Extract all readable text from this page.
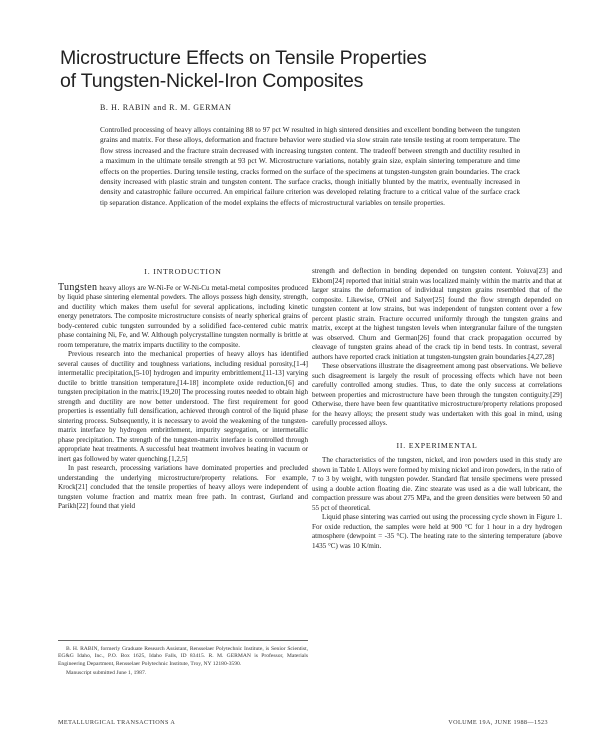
Microstructure Effects on Tensile Properties
of Tungsten-Nickel-Iron Composites
B. H. RABIN and R. M. GERMAN
Controlled processing of heavy alloys containing 88 to 97 pct W resulted in high sintered densities and excellent bonding between the tungsten grains and matrix. For these alloys, deformation and fracture behavior were studied via slow strain rate tensile testing at room temperature. The flow stress increased and the fracture strain decreased with increasing tungsten content. The tradeoff between strength and ductility resulted in a maximum in the ultimate tensile strength at 93 pct W. Microstructure variations, notably grain size, explain sintering temperature and time effects on the properties. During tensile testing, cracks formed on the surface of the specimens at tungsten-tungsten grain boundaries. The crack density increased with plastic strain and tungsten content. The surface cracks, though initially blunted by the matrix, eventually increased in density and catastrophic failure occurred. An empirical failure criterion was developed relating fracture to a critical value of the surface crack tip separation distance. Application of the model explains the effects of microstructural variables on tensile properties.
I. INTRODUCTION

Tungsten heavy alloys are W-Ni-Fe or W-Ni-Cu metal-metal composites produced by liquid phase sintering elemental powders. The alloys possess high density, strength, and ductility which makes them useful for several applications, including kinetic energy penetrators. The composite microstructure consists of nearly spherical grains of body-centered cubic tungsten surrounded by a solidified face-centered cubic matrix phase containing Ni, Fe, and W. Although polycrystalline tungsten normally is brittle at room temperature, the matrix imparts ductility to the composite.

Previous research into the mechanical properties of heavy alloys has identified several causes of ductility and toughness variations, including residual porosity,[1-4] intermetallic precipitation,[5-10] hydrogen and impurity embrittlement,[11-13] varying ductile to brittle transition temperature,[14-18] incomplete oxide reduction,[6] and tungsten precipitation in the matrix.[19,20] The processing routes needed to obtain high strength and ductility are now better understood. The first requirement for good properties is essentially full densification, achieved through control of the liquid phase sintering process. Subsequently, it is necessary to avoid the weakening of the tungsten-matrix interface by hydrogen embrittlement, impurity segregation, or intermetallic phase precipitation. The strength of the tungsten-matrix interface is controlled through appropriate heat treatments. A successful heat treatment involves heating in vacuum or inert gas followed by water quenching.[1,2,5]

In past research, processing variations have dominated properties and precluded understanding the underlying microstructure/property relations. For example, Krock[21] concluded that the tensile properties of heavy alloys were independent of tungsten volume fraction and matrix mean free path. In contrast, Gurland and Parikh[22] found that yield

strength and deflection in bending depended on tungsten content. Yoiuva[23] and Ekbom[24] reported that initial strain was localized mainly within the matrix and that at larger strains the deformation of individual tungsten grains resembled that of the composite. Likewise, O'Neil and Salyer[25] found the flow strength depended on tungsten content at low strains, but was independent of tungsten content over a few percent plastic strain. Fracture occurred uniformly through the tungsten grains and matrix, except at the highest tungsten levels when intergranular failure of the tungsten was observed. Churn and German[26] found that crack propagation occurred by cleavage of tungsten grains ahead of the crack tip in bend tests. In contrast, several authors have reported crack initiation at tungsten-tungsten grain boundaries.[4,27,28]

These observations illustrate the disagreement among past observations. We believe such disagreement is largely the result of processing effects which have not been carefully controlled among studies. Thus, to date the only success at correlations between properties and microstructure have been through the tungsten contiguity.[29] Otherwise, there have been few quantitative microstructure/property relations proposed for the heavy alloys; the present study was undertaken with this goal in mind, using carefully processed alloys.

II. EXPERIMENTAL

The characteristics of the tungsten, nickel, and iron powders used in this study are shown in Table I. Alloys were formed by mixing nickel and iron powders, in the ratio of 7 to 3 by weight, with tungsten powder. Standard flat tensile specimens were pressed using a double action floating die. Zinc stearate was used as a die wall lubricant, the compaction pressure was about 275 MPa, and the green densities were between 50 and 55 pct of theoretical.

Liquid phase sintering was carried out using the processing cycle shown in Figure 1. For oxide reduction, the samples were held at 900 °C for 1 hour in a dry hydrogen atmosphere (dewpoint = -35 °C). The heating rate to the sintering temperature (above 1435 °C) was 10 K/min.

B. H. RABIN, formerly Graduate Research Assistant, Rensselaer Polytechnic Institute, is Senior Scientist, EG&G Idaho, Inc., P.O. Box 1625, Idaho Falls, ID 83415. R. M. GERMAN is Professor, Materials Engineering Department, Rensselaer Polytechnic Institute, Troy, NY 12180-3590.

Manuscript submitted June 1, 1987.

METALLURGICAL TRANSACTIONS A	VOLUME 19A, JUNE 1988—1523
